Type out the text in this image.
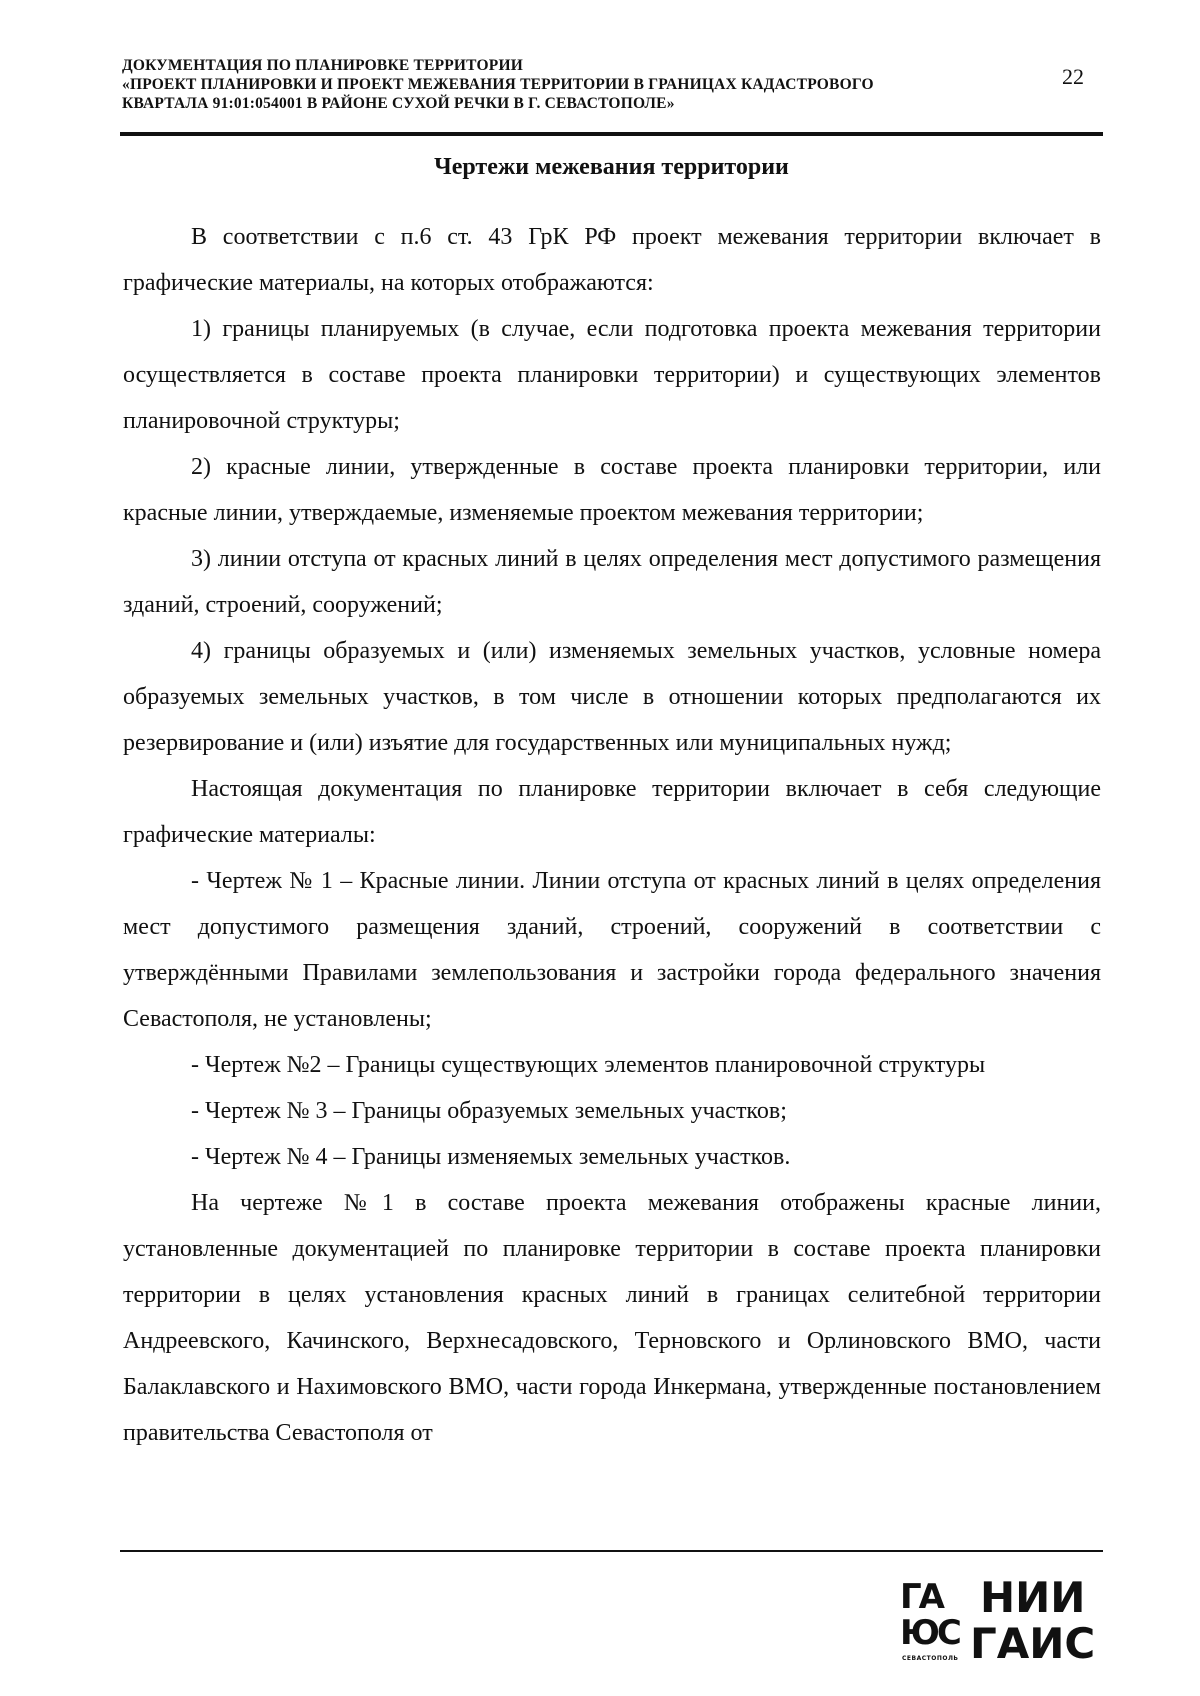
ДОКУМЕНТАЦИЯ ПО ПЛАНИРОВКЕ ТЕРРИТОРИИ
«ПРОЕКТ ПЛАНИРОВКИ И ПРОЕКТ МЕЖЕВАНИЯ ТЕРРИТОРИИ В ГРАНИЦАХ КАДАСТРОВОГО
КВАРТАЛА 91:01:054001 В РАЙОНЕ СУХОЙ РЕЧКИ В Г. СЕВАСТОПОЛЕ»
22
Чертежи межевания территории

В соответствии с п.6 ст. 43 ГрК РФ проект межевания территории включает в графические материалы, на которых отображаются:

1) границы планируемых (в случае, если подготовка проекта межевания территории осуществляется в составе проекта планировки территории) и существующих элементов планировочной структуры;

2) красные линии, утвержденные в составе проекта планировки территории, или красные линии, утверждаемые, изменяемые проектом межевания территории;

3) линии отступа от красных линий в целях определения мест допустимого размещения зданий, строений, сооружений;

4) границы образуемых и (или) изменяемых земельных участков, условные номера образуемых земельных участков, в том числе в отношении которых предполагаются их резервирование и (или) изъятие для государственных или муниципальных нужд;

Настоящая документация по планировке территории включает в себя следующие графические материалы:

- Чертеж № 1 – Красные линии. Линии отступа от красных линий в целях определения мест допустимого размещения зданий, строений, сооружений в соответствии с утверждёнными Правилами землепользования и застройки города федерального значения Севастополя, не установлены;

- Чертеж №2 – Границы существующих элементов планировочной структуры

- Чертеж № 3 – Границы образуемых земельных участков;

- Чертеж № 4 – Границы изменяемых земельных участков.

На чертеже №1 в составе проекта межевания отображены красные линии, установленные документацией по планировке территории в составе проекта планировки территории в целях установления красных линий в границах селитебной территории Андреевского, Качинского, Верхнесадовского, Терновского и Орлиновского ВМО, части Балаклавского и Нахимовского ВМО, части города Инкермана, утвержденные постановлением правительства Севастополя от

ГА
ЮС
СЕВАСТОПОЛЬ
НИИ
ГАИС
